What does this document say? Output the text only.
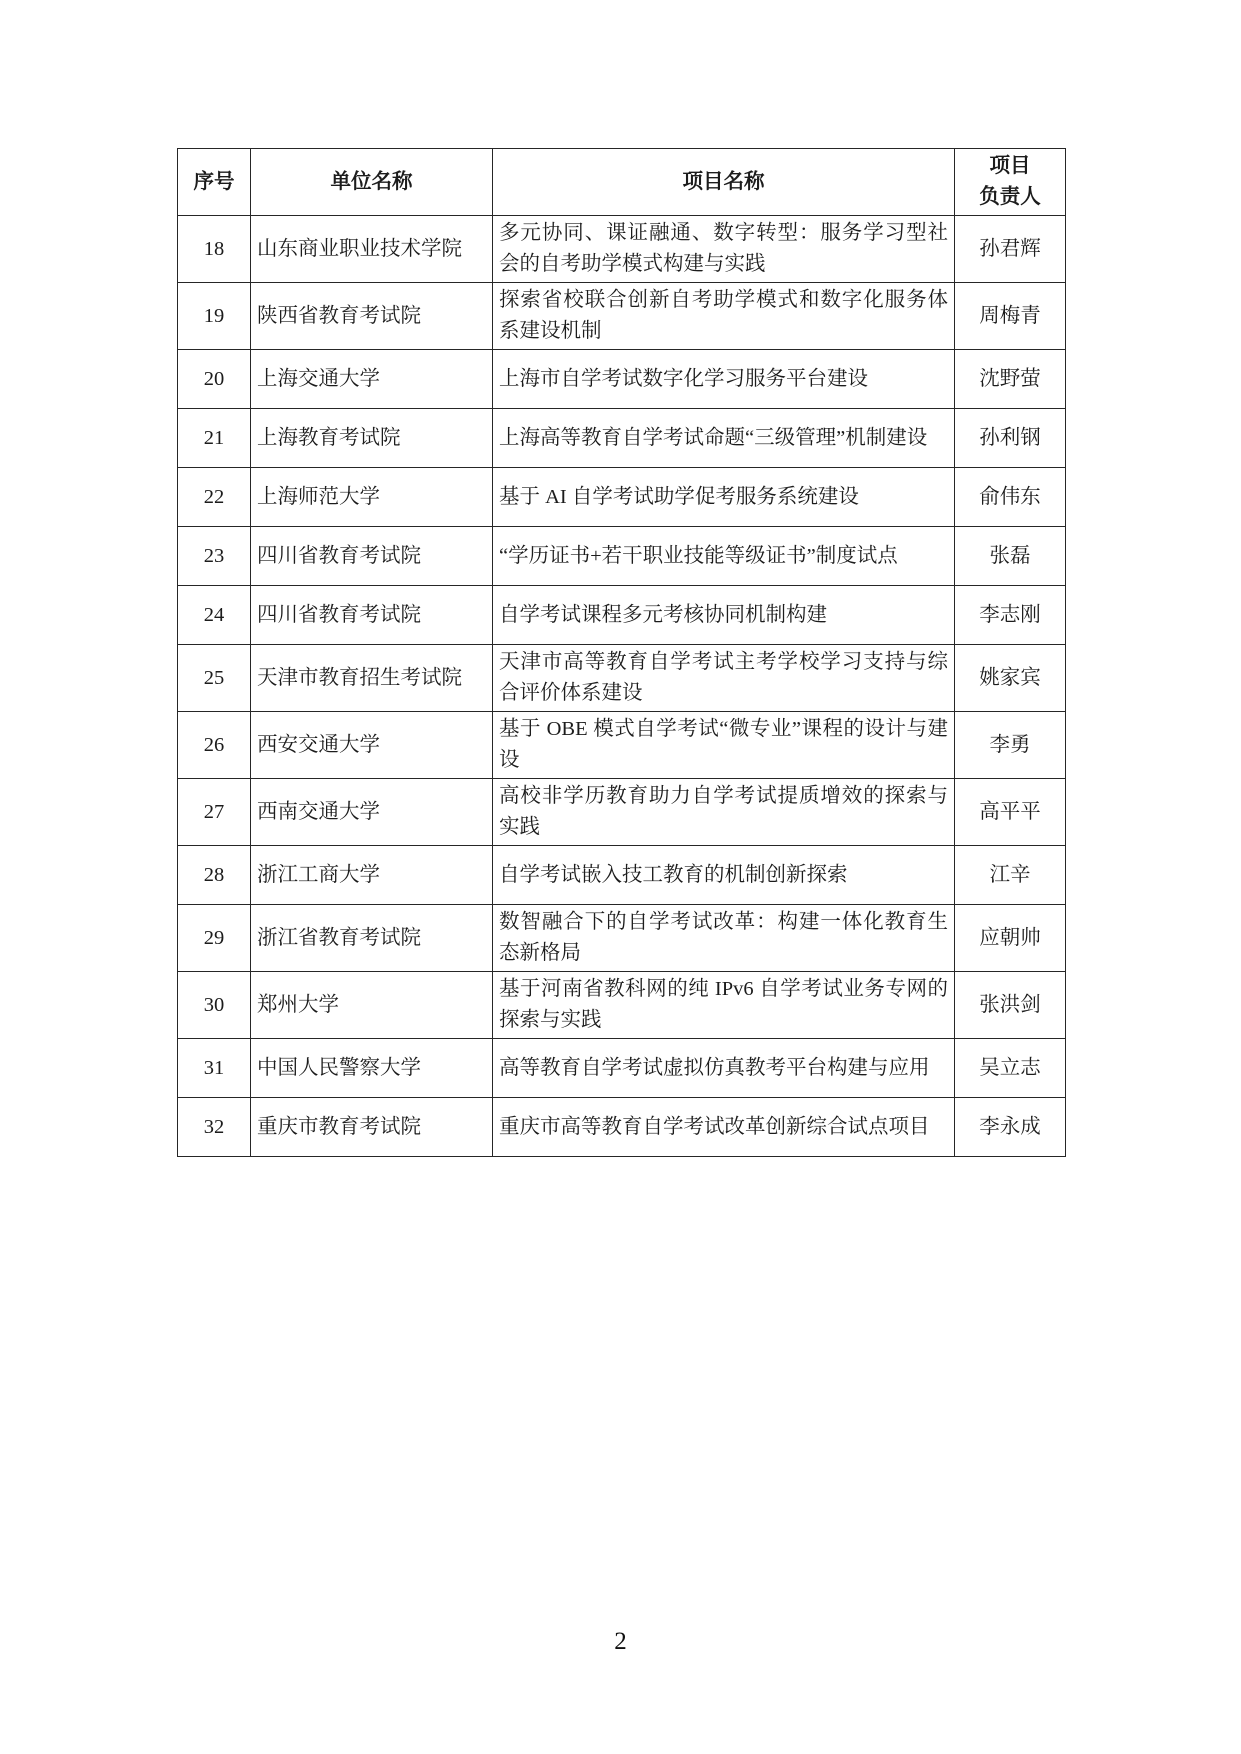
序号	单位名称	项目名称	项目
负责人
18	山东商业职业技术学院	多元协同、课证融通、数字转型：服务学习型社会的自考助学模式构建与实践	孙君辉
19	陕西省教育考试院	探索省校联合创新自考助学模式和数字化服务体系建设机制	周梅青
20	上海交通大学	上海市自学考试数字化学习服务平台建设	沈野萤
21	上海教育考试院	上海高等教育自学考试命题“三级管理”机制建设	孙利钢
22	上海师范大学	基于 AI 自学考试助学促考服务系统建设	俞伟东
23	四川省教育考试院	“学历证书+若干职业技能等级证书”制度试点	张磊
24	四川省教育考试院	自学考试课程多元考核协同机制构建	李志刚
25	天津市教育招生考试院	天津市高等教育自学考试主考学校学习支持与综合评价体系建设	姚家宾
26	西安交通大学	基于 OBE 模式自学考试“微专业”课程的设计与建设	李勇
27	西南交通大学	高校非学历教育助力自学考试提质增效的探索与实践	高平平
28	浙江工商大学	自学考试嵌入技工教育的机制创新探索	江辛
29	浙江省教育考试院	数智融合下的自学考试改革：构建一体化教育生态新格局	应朝帅
30	郑州大学	基于河南省教科网的纯 IPv6 自学考试业务专网的探索与实践	张洪剑
31	中国人民警察大学	高等教育自学考试虚拟仿真教考平台构建与应用	吴立志
32	重庆市教育考试院	重庆市高等教育自学考试改革创新综合试点项目	李永成
2
